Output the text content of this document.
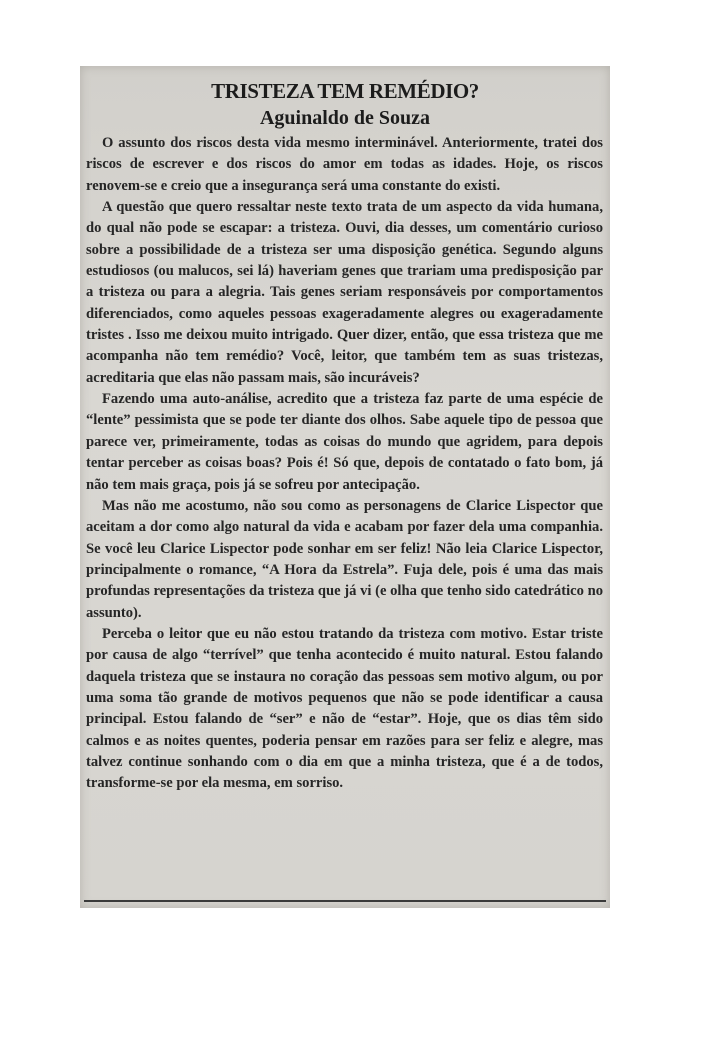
TRISTEZA TEM REMÉDIO?
Aguinaldo de Souza

O assunto dos riscos desta vida mesmo interminável. Anteriormente, tratei dos riscos de escrever e dos riscos do amor em todas as idades. Hoje, os riscos renovem-se e creio que a insegurança será uma constante do existi.

A questão que quero ressaltar neste texto trata de um aspecto da vida humana, do qual não pode se escapar: a tristeza. Ouvi, dia desses, um comentário curioso sobre a possibilidade de a tristeza ser uma disposição genética. Segundo alguns estudiosos (ou malucos, sei lá) haveriam genes que trariam uma predisposição par a tristeza ou para a alegria. Tais genes seriam responsáveis por comportamentos diferenciados, como aqueles pessoas exageradamente alegres ou exageradamente tristes . Isso me deixou muito intrigado. Quer dizer, então, que essa tristeza que me acompanha não tem remédio? Você, leitor, que também tem as suas tristezas, acreditaria que elas não passam mais, são incuráveis?

Fazendo uma auto-análise, acredito que a tristeza faz parte de uma espécie de “lente” pessimista que se pode ter diante dos olhos. Sabe aquele tipo de pessoa que parece ver, primeiramente, todas as coisas do mundo que agridem, para depois tentar perceber as coisas boas? Pois é! Só que, depois de contatado o fato bom, já não tem mais graça, pois já se sofreu por antecipação.

Mas não me acostumo, não sou como as personagens de Clarice Lispector que aceitam a dor como algo natural da vida e acabam por fazer dela uma companhia. Se você leu Clarice Lispector pode sonhar em ser feliz! Não leia Clarice Lispector, principalmente o romance, “A Hora da Estrela”. Fuja dele, pois é uma das mais profundas representações da tristeza que já vi (e olha que tenho sido catedrático no assunto).

Perceba o leitor que eu não estou tratando da tristeza com motivo. Estar triste por causa de algo “terrível” que tenha acontecido é muito natural. Estou falando daquela tristeza que se instaura no coração das pessoas sem motivo algum, ou por uma soma tão grande de motivos pequenos que não se pode identificar a causa principal. Estou falando de “ser” e não de “estar”. Hoje, que os dias têm sido calmos e as noites quentes, poderia pensar em razões para ser feliz e alegre, mas talvez continue sonhando com o dia em que a minha tristeza, que é a de todos, transforme-se por ela mesma, em sorriso.
